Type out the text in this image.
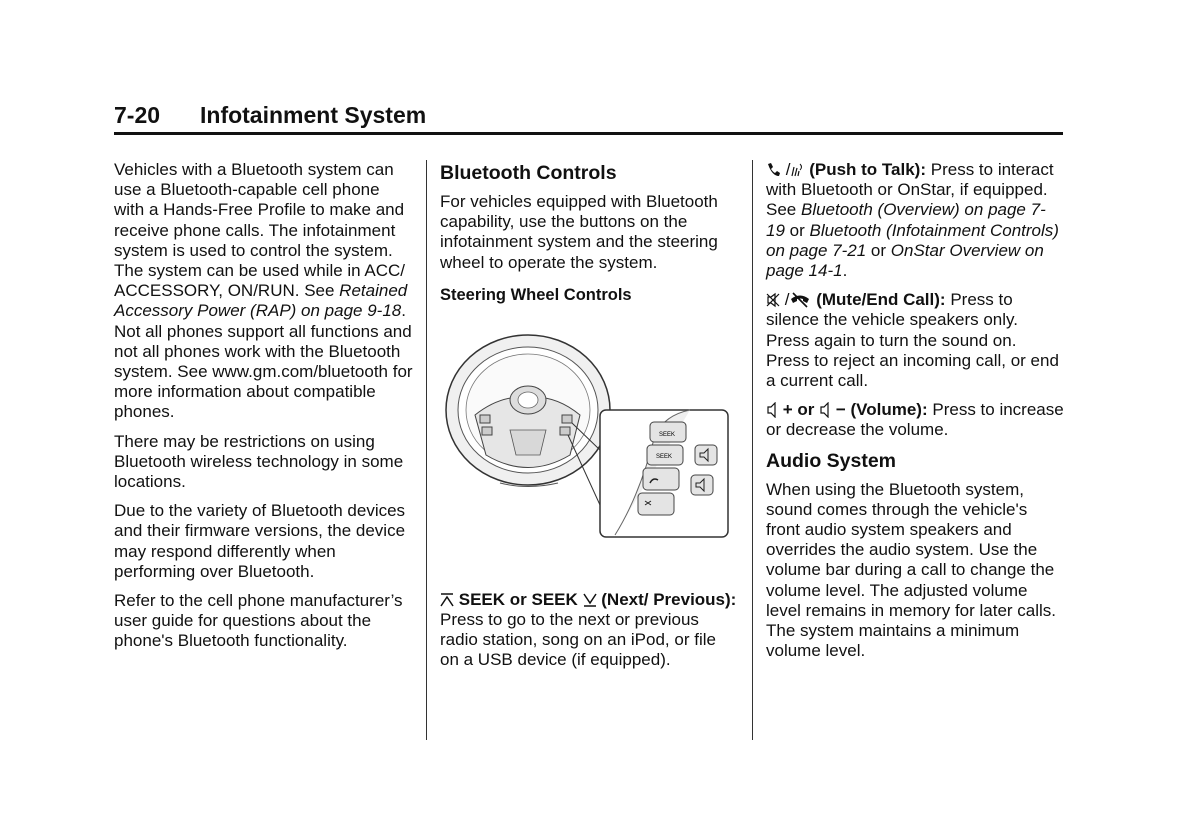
7-20 Infotainment System

Vehicles with a Bluetooth system can use a Bluetooth-capable cell phone with a Hands-Free Profile to make and receive phone calls. The infotainment system is used to control the system. The system can be used while in ACC/ ACCESSORY, ON/RUN. See Retained Accessory Power (RAP) on page 9-18. Not all phones support all functions and not all phones work with the Bluetooth system. See www.gm.com/bluetooth for more information about compatible phones.

There may be restrictions on using Bluetooth wireless technology in some locations.

Due to the variety of Bluetooth devices and their firmware versions, the device may respond differently when performing over Bluetooth.

Refer to the cell phone manufacturer’s user guide for questions about the phone's Bluetooth functionality.

Bluetooth Controls

For vehicles equipped with Bluetooth capability, use the buttons on the infotainment system and the steering wheel to operate the system.

Steering Wheel Controls
SEEK
SEEK

SEEK or SEEK (Next/ Previous): Press to go to the next or previous radio station, song on an iPod, or file on a USB device (if equipped).

/ (Push to Talk): Press to interact with Bluetooth or OnStar, if equipped. See Bluetooth (Overview) on page 7-19 or Bluetooth (Infotainment Controls) on page 7-21 or OnStar Overview on page 14-1.

/ (Mute/End Call): Press to silence the vehicle speakers only. Press again to turn the sound on. Press to reject an incoming call, or end a current call.

+ or − (Volume): Press to increase or decrease the volume.

Audio System

When using the Bluetooth system, sound comes through the vehicle's front audio system speakers and overrides the audio system. Use the volume bar during a call to change the volume level. The adjusted volume level remains in memory for later calls. The system maintains a minimum volume level.
